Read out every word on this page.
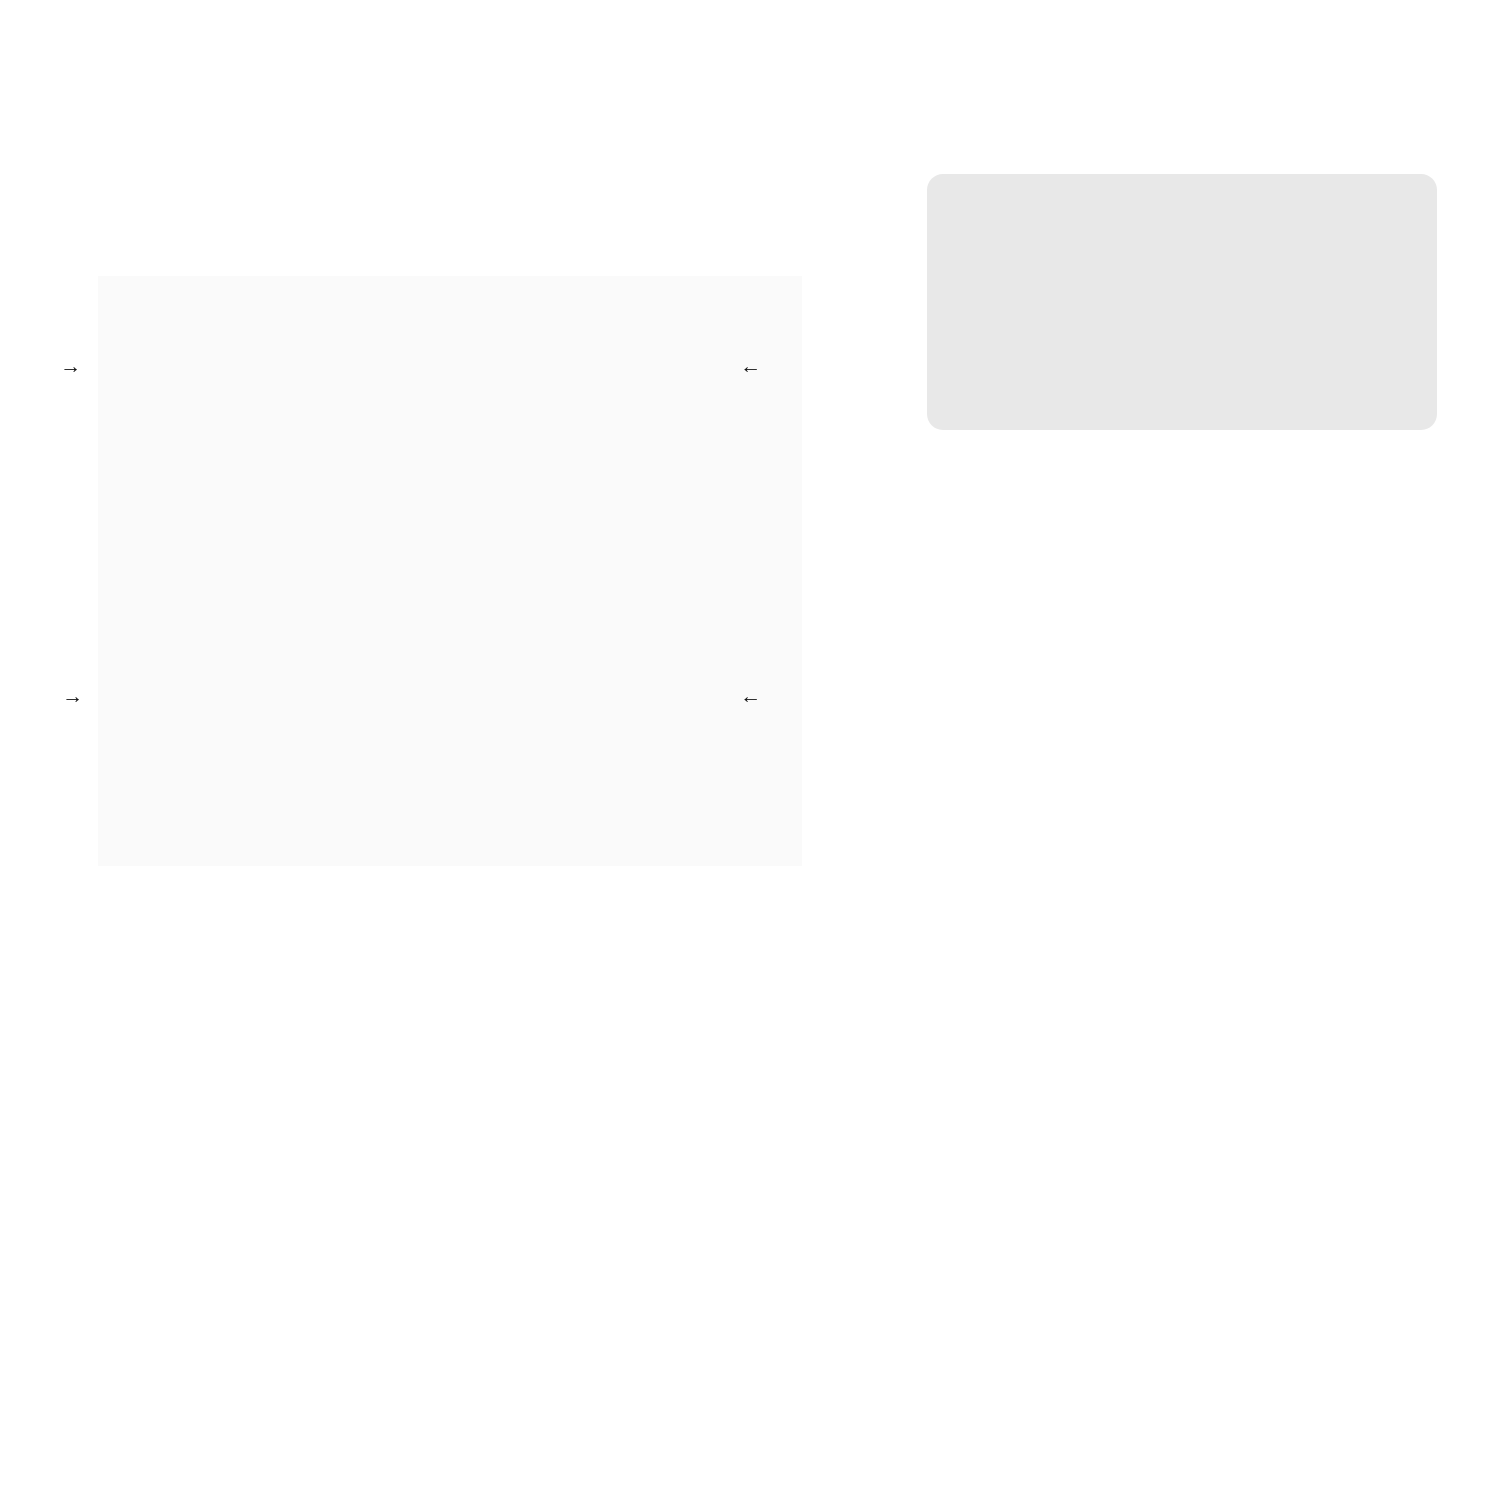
→
→
←
←
